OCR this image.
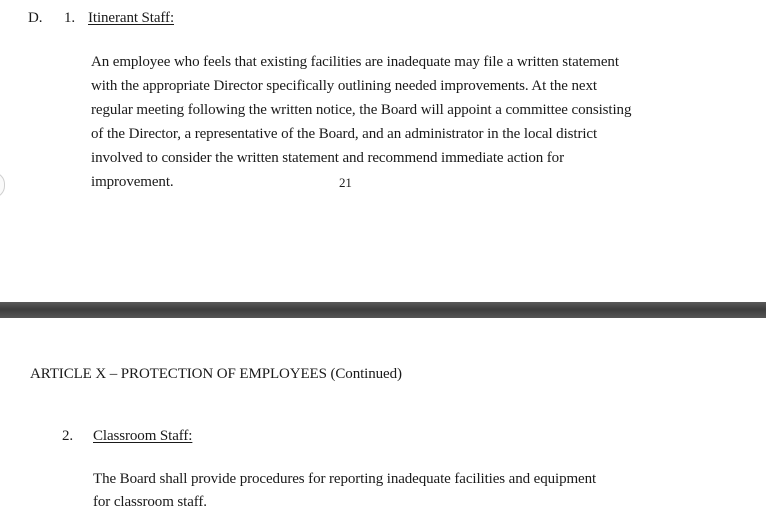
D. 1. Itinerant Staff:
An employee who feels that existing facilities are inadequate may file a written statement
with the appropriate Director specifically outlining needed improvements. At the next
regular meeting following the written notice, the Board will appoint a committee consisting
of the Director, a representative of the Board, and an administrator in the local district
involved to consider the written statement and recommend immediate action for
improvement.	21
ARTICLE X – PROTECTION OF EMPLOYEES (Continued)
2. Classroom Staff:
The Board shall provide procedures for reporting inadequate facilities and equipment
for classroom staff.
